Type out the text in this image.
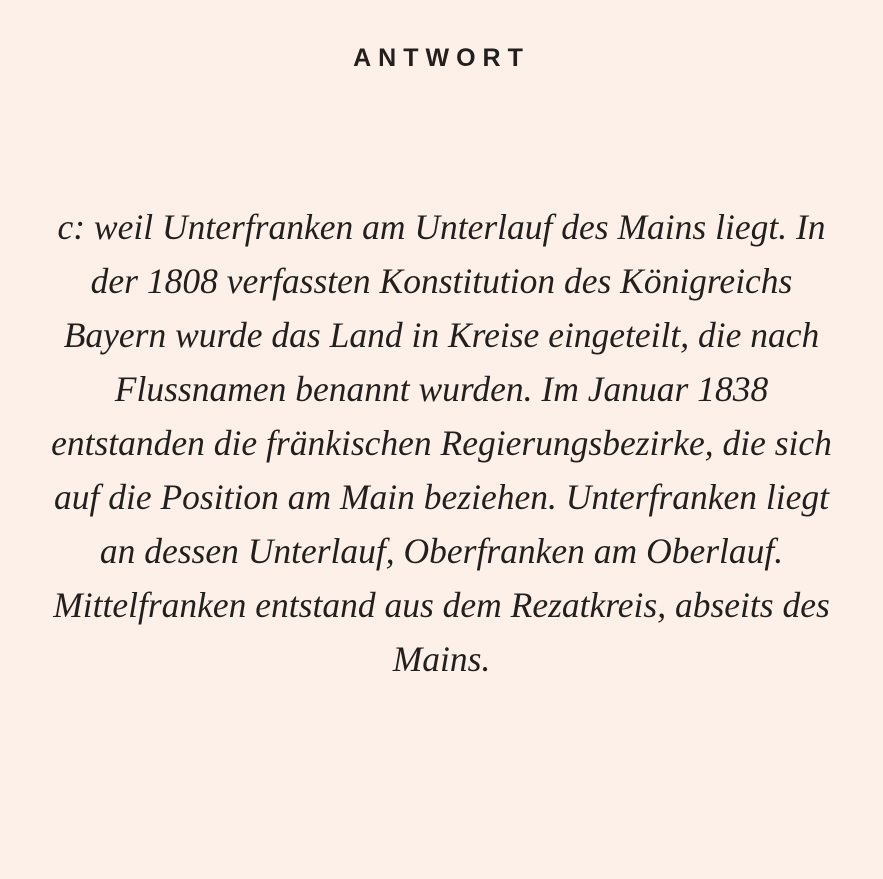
ANTWORT

c: weil Unterfranken am Unterlauf des Mains liegt. In der 1808 verfassten Konstitution des Königreichs Bayern wurde das Land in Kreise eingeteilt, die nach Flussnamen benannt wurden. Im Januar 1838 entstanden die fränkischen Regierungsbezirke, die sich auf die Position am Main beziehen. Unterfranken liegt an dessen Unterlauf, Oberfranken am Oberlauf. Mittelfranken entstand aus dem Rezatkreis, abseits des Mains.
